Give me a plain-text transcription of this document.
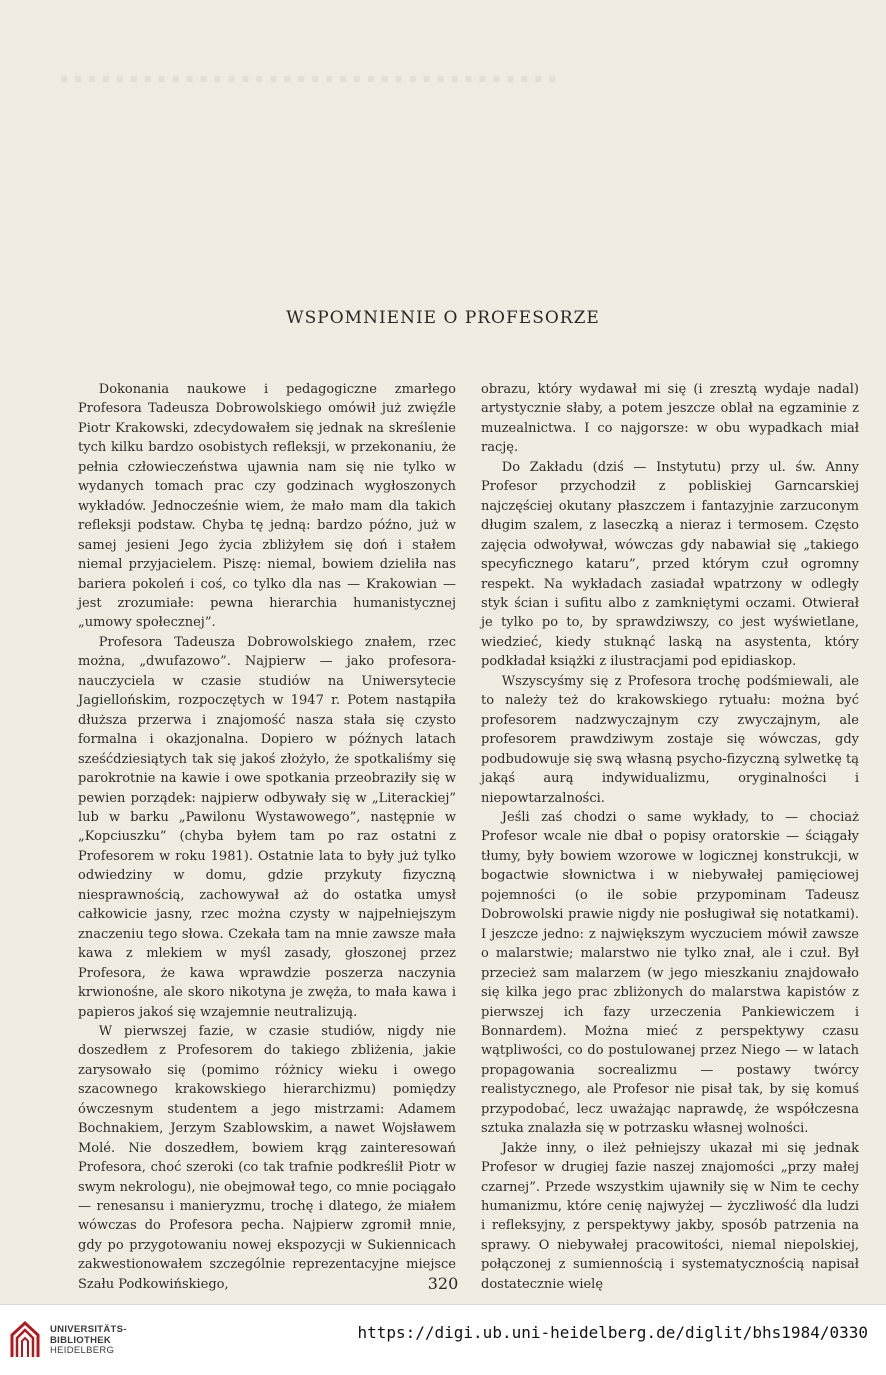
▪ ▪ ▪ ▪ ▪ ▪ ▪ ▪ ▪ ▪ ▪ ▪ ▪ ▪ ▪ ▪ ▪ ▪ ▪ ▪ ▪ ▪ ▪ ▪ ▪ ▪ ▪ ▪ ▪ ▪ ▪ ▪ ▪ ▪ ▪ ▪
WSPOMNIENIE O PROFESORZE

Dokonania naukowe i pedagogiczne zmarłego Profesora Tadeusza Dobrowolskiego omówił już zwięźle Piotr Krakowski, zdecydowałem się jednak na skreślenie tych kilku bardzo osobistych refleksji, w przekonaniu, że pełnia człowieczeństwa ujawnia nam się nie tylko w wydanych tomach prac czy godzinach wygłoszonych wykładów. Jednocześnie wiem, że mało mam dla takich refleksji podstaw. Chyba tę jedną: bardzo późno, już w samej jesieni Jego życia zbliżyłem się doń i stałem niemal przyjacielem. Piszę: niemal, bowiem dzieliła nas bariera pokoleń i coś, co tylko dla nas — Krakowian — jest zrozumiałe: pewna hierarchia humanistycznej „umowy społecznej”.

Profesora Tadeusza Dobrowolskiego znałem, rzec można, „dwufazowo”. Najpierw — jako profesora-nauczyciela w czasie studiów na Uniwersytecie Jagiellońskim, rozpoczętych w 1947 r. Potem nastąpiła dłuższa przerwa i znajomość nasza stała się czysto formalna i okazjonalna. Dopiero w późnych latach sześćdziesiątych tak się jakoś złożyło, że spotkaliśmy się parokrotnie na kawie i owe spotkania przeobraziły się w pewien porządek: najpierw odbywały się w „Literackiej” lub w barku „Pawilonu Wystawowego”, następnie w „Kopciuszku” (chyba byłem tam po raz ostatni z Profesorem w roku 1981). Ostatnie lata to były już tylko odwiedziny w domu, gdzie przykuty fizyczną niesprawnością, zachowywał aż do ostatka umysł całkowicie jasny, rzec można czysty w najpełniejszym znaczeniu tego słowa. Czekała tam na mnie zawsze mała kawa z mlekiem w myśl zasady, głoszonej przez Profesora, że kawa wprawdzie poszerza naczynia krwionośne, ale skoro nikotyna je zwęża, to mała kawa i papieros jakoś się wzajemnie neutralizują.

W pierwszej fazie, w czasie studiów, nigdy nie doszedłem z Profesorem do takiego zbliżenia, jakie zarysowało się (pomimo różnicy wieku i owego szacownego krakowskiego hierarchizmu) pomiędzy ówczesnym studentem a jego mistrzami: Adamem Bochnakiem, Jerzym Szablowskim, a nawet Wojsławem Molé. Nie doszedłem, bowiem krąg zainteresowań Profesora, choć szeroki (co tak trafnie podkreślił Piotr w swym nekrologu), nie obejmował tego, co mnie pociągało — renesansu i manieryzmu, trochę i dlatego, że miałem wówczas do Profesora pecha. Najpierw zgromił mnie, gdy po przygotowaniu nowej ekspozycji w Sukiennicach zakwestionowałem szczególnie reprezentacyjne miejsce Szału Podkowińskiego,

obrazu, który wydawał mi się (i zresztą wydaje nadal) artystycznie słaby, a potem jeszcze oblał na egzaminie z muzealnictwa. I co najgorsze: w obu wypadkach miał rację.

Do Zakładu (dziś — Instytutu) przy ul. św. Anny Profesor przychodził z pobliskiej Garncarskiej najczęściej okutany płaszczem i fantazyjnie zarzuconym długim szalem, z laseczką a nieraz i termosem. Często zajęcia odwoływał, wówczas gdy nabawiał się „takiego specyficznego kataru”, przed którym czuł ogromny respekt. Na wykładach zasiadał wpatrzony w odległy styk ścian i sufitu albo z zamkniętymi oczami. Otwierał je tylko po to, by sprawdziwszy, co jest wyświetlane, wiedzieć, kiedy stuknąć laską na asystenta, który podkładał książki z ilustracjami pod epidiaskop.

Wszyscyśmy się z Profesora trochę podśmiewali, ale to należy też do krakowskiego rytuału: można być profesorem nadzwyczajnym czy zwyczajnym, ale profesorem prawdziwym zostaje się wówczas, gdy podbudowuje się swą własną psycho-fizyczną sylwetkę tą jakąś aurą indywidualizmu, oryginalności i niepowtarzalności.

Jeśli zaś chodzi o same wykłady, to — chociaż Profesor wcale nie dbał o popisy oratorskie — ściągały tłumy, były bowiem wzorowe w logicznej konstrukcji, w bogactwie słownictwa i w niebywałej pamięciowej pojemności (o ile sobie przypominam Tadeusz Dobrowolski prawie nigdy nie posługiwał się notatkami). I jeszcze jedno: z największym wyczuciem mówił zawsze o malarstwie; malarstwo nie tylko znał, ale i czuł. Był przecież sam malarzem (w jego mieszkaniu znajdowało się kilka jego prac zbliżonych do malarstwa kapistów z pierwszej ich fazy urzeczenia Pankiewiczem i Bonnardem). Można mieć z perspektywy czasu wątpliwości, co do postulowanej przez Niego — w latach propagowania socrealizmu — postawy twórcy realistycznego, ale Profesor nie pisał tak, by się komuś przypodobać, lecz uważając naprawdę, że współczesna sztuka znalazła się w potrzasku własnej wolności.

Jakże inny, o ileż pełniejszy ukazał mi się jednak Profesor w drugiej fazie naszej znajomości „przy małej czarnej”. Przede wszystkim ujawniły się w Nim te cechy humanizmu, które cenię najwyżej — życzliwość dla ludzi i refleksyjny, z perspektywy jakby, sposób patrzenia na sprawy. O niebywałej pracowitości, niemal niepolskiej, połączonej z sumiennością i systematycznością napisał dostatecznie wielę

320
UNIVERSITÄTS-
BIBLIOTHEK
HEIDELBERG
https://digi.ub.uni-heidelberg.de/diglit/bhs1984/0330
